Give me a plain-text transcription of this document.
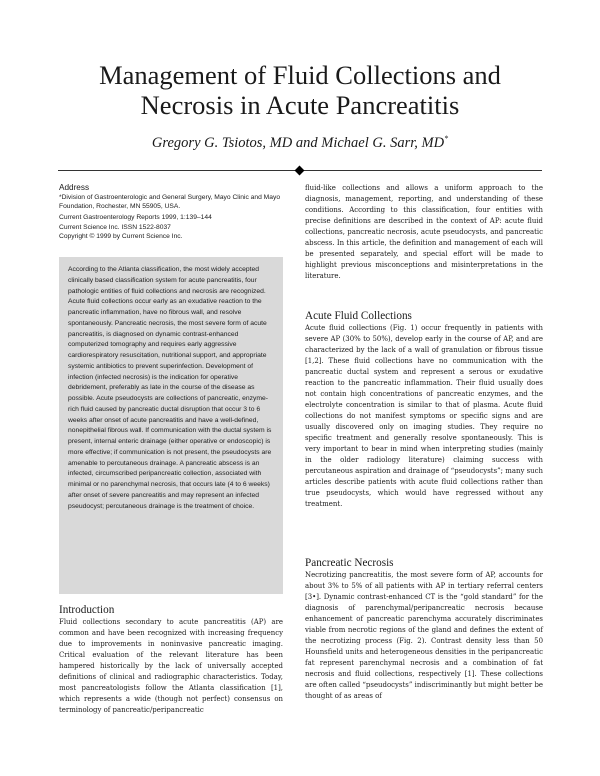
Management of Fluid Collections and
Necrosis in Acute Pancreatitis
Gregory G. Tsiotos, MD and Michael G. Sarr, MD*
Address

*Division of Gastroenterologic and General Surgery, Mayo Clinic and Mayo Foundation, Rochester, MN 55905, USA.

Current Gastroenterology Reports 1999, 1:139–144

Current Science Inc. ISSN 1522-8037

Copyright © 1999 by Current Science Inc.

According to the Atlanta classification, the most widely accepted clinically based classification system for acute pancreatitis, four pathologic entities of fluid collections and necrosis are recognized. Acute fluid collections occur early as an exudative reaction to the pancreatic inflammation, have no fibrous wall, and resolve spontaneously. Pancreatic necrosis, the most severe form of acute pancreatitis, is diagnosed on dynamic contrast-enhanced computerized tomography and requires early aggressive cardiorespiratory resuscitation, nutritional support, and appropriate systemic antibiotics to prevent superinfection. Development of infection (infected necrosis) is the indication for operative debridement, preferably as late in the course of the disease as possible. Acute pseudocysts are collections of pancreatic, enzyme-rich fluid caused by pancreatic ductal disruption that occur 3 to 6 weeks after onset of acute pancreatitis and have a well-defined, nonepithelial fibrous wall. If communication with the ductal system is present, internal enteric drainage (either operative or endoscopic) is more effective; if communication is not present, the pseudocysts are amenable to percutaneous drainage. A pancreatic abscess is an infected, circumscribed peripancreatic collection, associated with minimal or no parenchymal necrosis, that occurs late (4 to 6 weeks) after onset of severe pancreatitis and may represent an infected pseudocyst; percutaneous drainage is the treatment of choice.

Introduction

Fluid collections secondary to acute pancreatitis (AP) are common and have been recognized with increasing frequency due to improvements in noninvasive pancreatic imaging. Critical evaluation of the relevant literature has been hampered historically by the lack of universally accepted definitions of clinical and radiographic characteristics. Today, most pancreatologists follow the Atlanta classification [1], which represents a wide (though not perfect) consensus on terminology of pancreatic/peripancreatic

fluid-like collections and allows a uniform approach to the diagnosis, management, reporting, and understanding of these conditions. According to this classification, four entities with precise definitions are described in the context of AP: acute fluid collections, pancreatic necrosis, acute pseudocysts, and pancreatic abscess. In this article, the definition and management of each will be presented separately, and special effort will be made to highlight previous misconceptions and misinterpretations in the literature.

Acute Fluid Collections

Acute fluid collections (Fig. 1) occur frequently in patients with severe AP (30% to 50%), develop early in the course of AP, and are characterized by the lack of a wall of granulation or fibrous tissue [1,2]. These fluid collections have no communication with the pancreatic ductal system and represent a serous or exudative reaction to the pancreatic inflammation. Their fluid usually does not contain high concentrations of pancreatic enzymes, and the electrolyte concentration is similar to that of plasma. Acute fluid collections do not manifest symptoms or specific signs and are usually discovered only on imaging studies. They require no specific treatment and generally resolve spontaneously. This is very important to bear in mind when interpreting studies (mainly in the older radiology literature) claiming success with percutaneous aspiration and drainage of “pseudocysts”; many such articles describe patients with acute fluid collections rather than true pseudocysts, which would have regressed without any treatment.

Pancreatic Necrosis

Necrotizing pancreatitis, the most severe form of AP, accounts for about 3% to 5% of all patients with AP in tertiary referral centers [3•]. Dynamic contrast-enhanced CT is the “gold standard” for the diagnosis of parenchymal/peripancreatic necrosis because enhancement of pancreatic parenchyma accurately discriminates viable from necrotic regions of the gland and defines the extent of the necrotizing process (Fig. 2). Contrast density less than 50 Hounsfield units and heterogeneous densities in the peripancreatic fat represent parenchymal necrosis and a combination of fat necrosis and fluid collections, respectively [1]. These collections are often called “pseudocysts” indiscriminantly but might better be thought of as areas of
